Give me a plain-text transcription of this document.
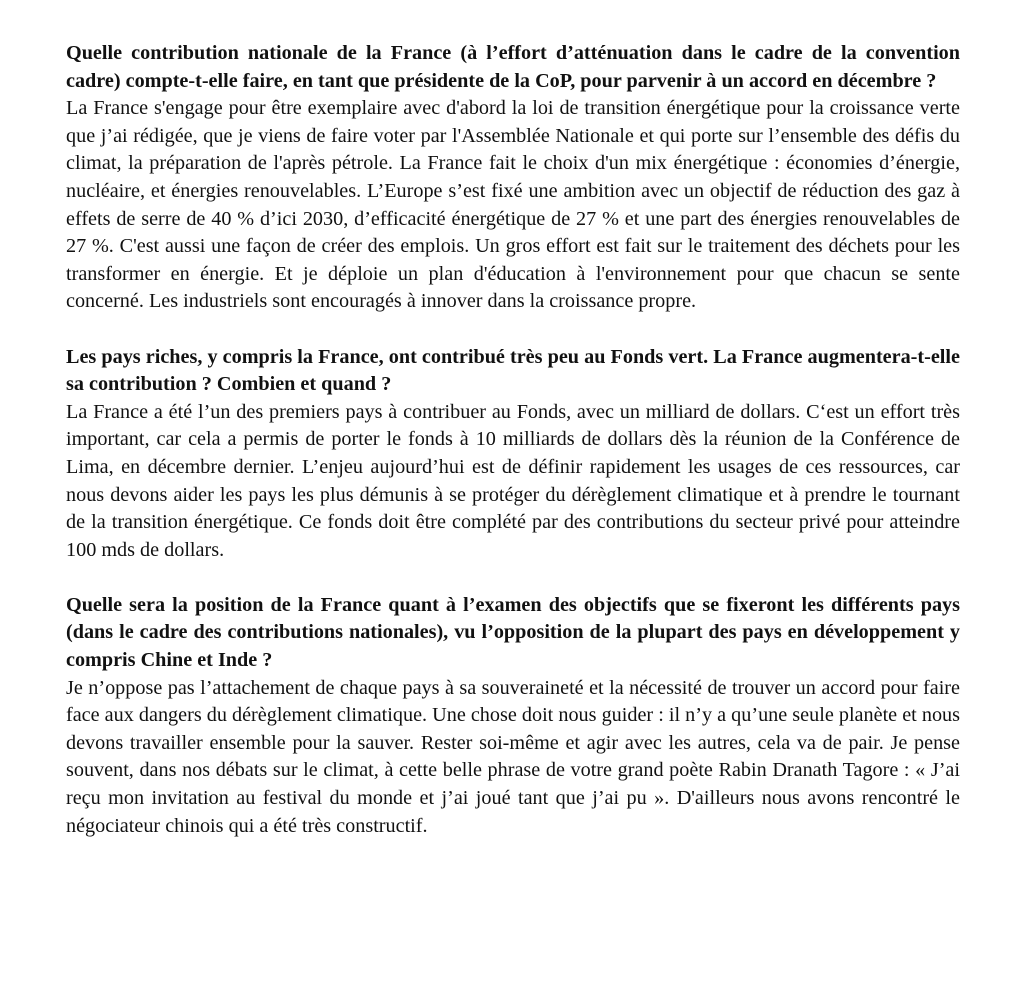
Quelle contribution nationale de la France (à l’effort d’atténuation dans le cadre de la convention cadre) compte-t-elle faire, en tant que présidente de la CoP, pour parvenir à un accord en décembre ?

La France s'engage pour être exemplaire avec d'abord la loi de transition énergétique pour la croissance verte que j’ai rédigée, que je viens de faire voter par l'Assemblée Nationale et qui porte sur l’ensemble des défis du climat, la préparation de l'après pétrole. La France fait le choix d'un mix énergétique : économies d’énergie, nucléaire, et énergies renouvelables. L’Europe s’est fixé une ambition avec un objectif de réduction des gaz à effets de serre de 40 % d’ici 2030, d’efficacité énergétique de 27 % et une part des énergies renouvelables de 27 %. C'est aussi une façon de créer des emplois. Un gros effort est fait sur le traitement des déchets pour les transformer en énergie. Et je déploie un plan d'éducation à l'environnement pour que chacun se sente concerné. Les industriels sont encouragés à innover dans la croissance propre.

Les pays riches, y compris la France, ont contribué très peu au Fonds vert. La France augmentera-t-elle sa contribution ? Combien et quand ?

La France a été l’un des premiers pays à contribuer au Fonds, avec un milliard de dollars. C‘est un effort très important, car cela a permis de porter le fonds à 10 milliards de dollars dès la réunion de la Conférence de Lima, en décembre dernier. L’enjeu aujourd’hui est de définir rapidement les usages de ces ressources, car nous devons aider les pays les plus démunis à se protéger du dérèglement climatique et à prendre le tournant de la transition énergétique. Ce fonds doit être complété par des contributions du secteur privé pour atteindre 100 mds de dollars.

Quelle sera la position de la France quant à l’examen des objectifs que se fixeront les différents pays (dans le cadre des contributions nationales), vu l’opposition de la plupart des pays en développement y compris Chine et Inde ?

Je n’oppose pas l’attachement de chaque pays à sa souveraineté et la nécessité de trouver un accord pour faire face aux dangers du dérèglement climatique. Une chose doit nous guider : il n’y a qu’une seule planète et nous devons travailler ensemble pour la sauver. Rester soi-même et agir avec les autres, cela va de pair. Je pense souvent, dans nos débats sur le climat, à cette belle phrase de votre grand poète Rabin Dranath Tagore : « J’ai reçu mon invitation au festival du monde et j’ai joué tant que j’ai pu ». D'ailleurs nous avons rencontré le négociateur chinois qui a été très constructif.
